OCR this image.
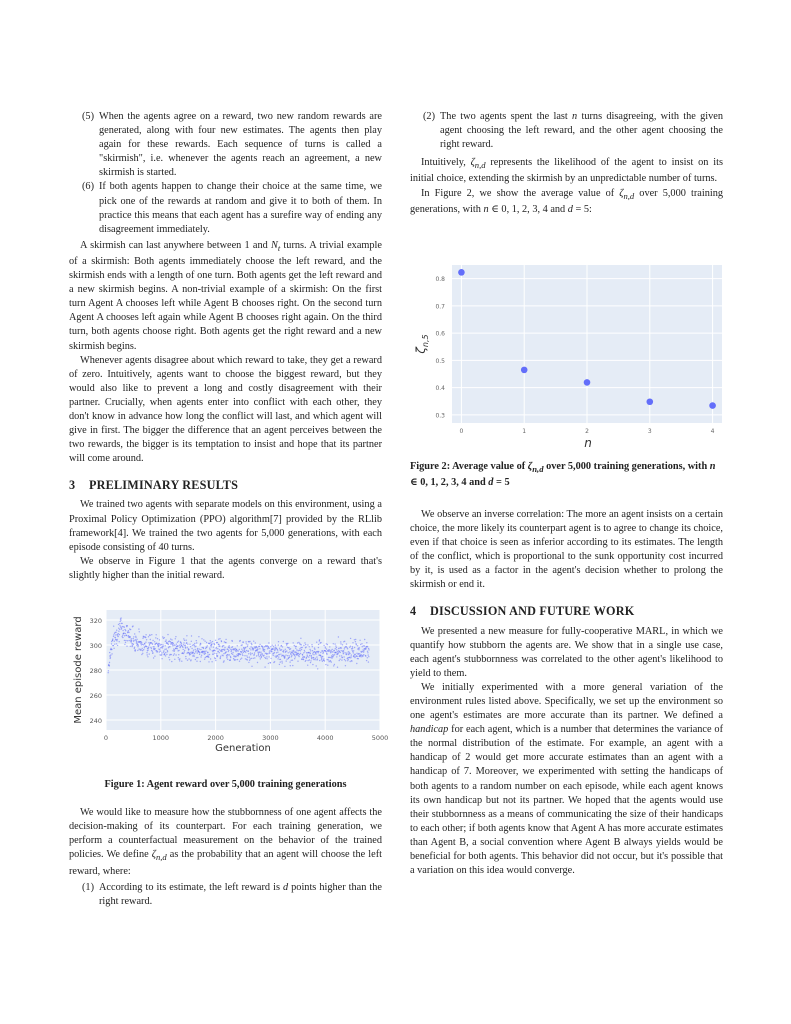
(5) When the agents agree on a reward, two new random rewards are generated, along with four new estimates. The agents then play again for these rewards. Each sequence of turns is called a "skirmish", i.e. whenever the agents reach an agreement, a new skirmish is started.
(6) If both agents happen to change their choice at the same time, we pick one of the rewards at random and give it to both of them. In practice this means that each agent has a surefire way of ending any disagreement immediately.

A skirmish can last anywhere between 1 and $N_t$ turns. A trivial example of a skirmish: Both agents immediately choose the left reward, and the skirmish ends with a length of one turn. Both agents get the left reward and a new skirmish begins. A non-trivial example of a skirmish: On the first turn Agent A chooses left while Agent B chooses right. On the second turn Agent A chooses left again while Agent B chooses right again. On the third turn, both agents choose right. Both agents get the right reward and a new skirmish begins.

Whenever agents disagree about which reward to take, they get a reward of zero. Intuitively, agents want to choose the biggest reward, but they would also like to prevent a long and costly disagreement with their partner. Crucially, when agents enter into conflict with each other, they don't know in advance how long the conflict will last, and which agent will give in first. The bigger the difference that an agent perceives between the two rewards, the bigger is its temptation to insist and hope that its partner will come around.

3 PRELIMINARY RESULTS

We trained two agents with separate models on this environment, using a Proximal Policy Optimization (PPO) algorithm[7] provided by the RLlib framework[4]. We trained the two agents for 5,000 generations, with each episode consisting of 40 turns.

We observe in Figure 1 that the agents converge on a reward that's slightly higher than the initial reward.

240
260
280
300
320
0	1000	2000	3000	4000	5000
Generation
Mean episode reward
Figure 1: Agent reward over 5,000 training generations

We would like to measure how the stubbornness of one agent affects the decision-making of its counterpart. For each training generation, we perform a counterfactual measurement on the behavior of the trained policies. We define $\zeta_{n,d}$ as the probability that an agent will choose the left reward, where:

(1) According to its estimate, the left reward is d points higher than the right reward.
(2) The two agents spent the last n turns disagreeing, with the given agent choosing the left reward, and the other agent choosing the right reward.

Intuitively, $\zeta_{n,d}$ represents the likelihood of the agent to insist on its initial choice, extending the skirmish by an unpredictable number of turns.

In Figure 2, we show the average value of $\zeta_{n,d}$ over 5,000 training generations, with n ∈ 0, 1, 2, 3, 4 and d = 5:

0.3
0.4
0.5
0.6
0.7
0.8
0	1	2	3	4
n
$\zeta_{n,5}$
Figure 2: Average value of $\zeta_{n,d}$ over 5,000 training generations, with n ∈ 0, 1, 2, 3, 4 and d = 5

We observe an inverse correlation: The more an agent insists on a certain choice, the more likely its counterpart agent is to agree to change its choice, even if that choice is seen as inferior according to its estimates. The length of the conflict, which is proportional to the sunk opportunity cost incurred by it, is used as a factor in the agent's decision whether to prolong the skirmish or end it.

4 DISCUSSION AND FUTURE WORK

We presented a new measure for fully-cooperative MARL, in which we quantify how stubborn the agents are. We show that in a single use case, each agent's stubbornness was correlated to the other agent's likelihood to yield to them.

We initially experimented with a more general variation of the environment rules listed above. Specifically, we set up the environment so one agent's estimates are more accurate than its partner. We defined a handicap for each agent, which is a number that determines the variance of the normal distribution of the estimate. For example, an agent with a handicap of 2 would get more accurate estimates than an agent with a handicap of 7. Moreover, we experimented with setting the handicaps of both agents to a random number on each episode, while each agent knows its own handicap but not its partner. We hoped that the agents would use their stubbornness as a means of communicating the size of their handicaps to each other; if both agents know that Agent A has more accurate estimates than Agent B, a social convention where Agent B always yields would be beneficial for both agents. This behavior did not occur, but it's possible that a variation on this idea would converge.
